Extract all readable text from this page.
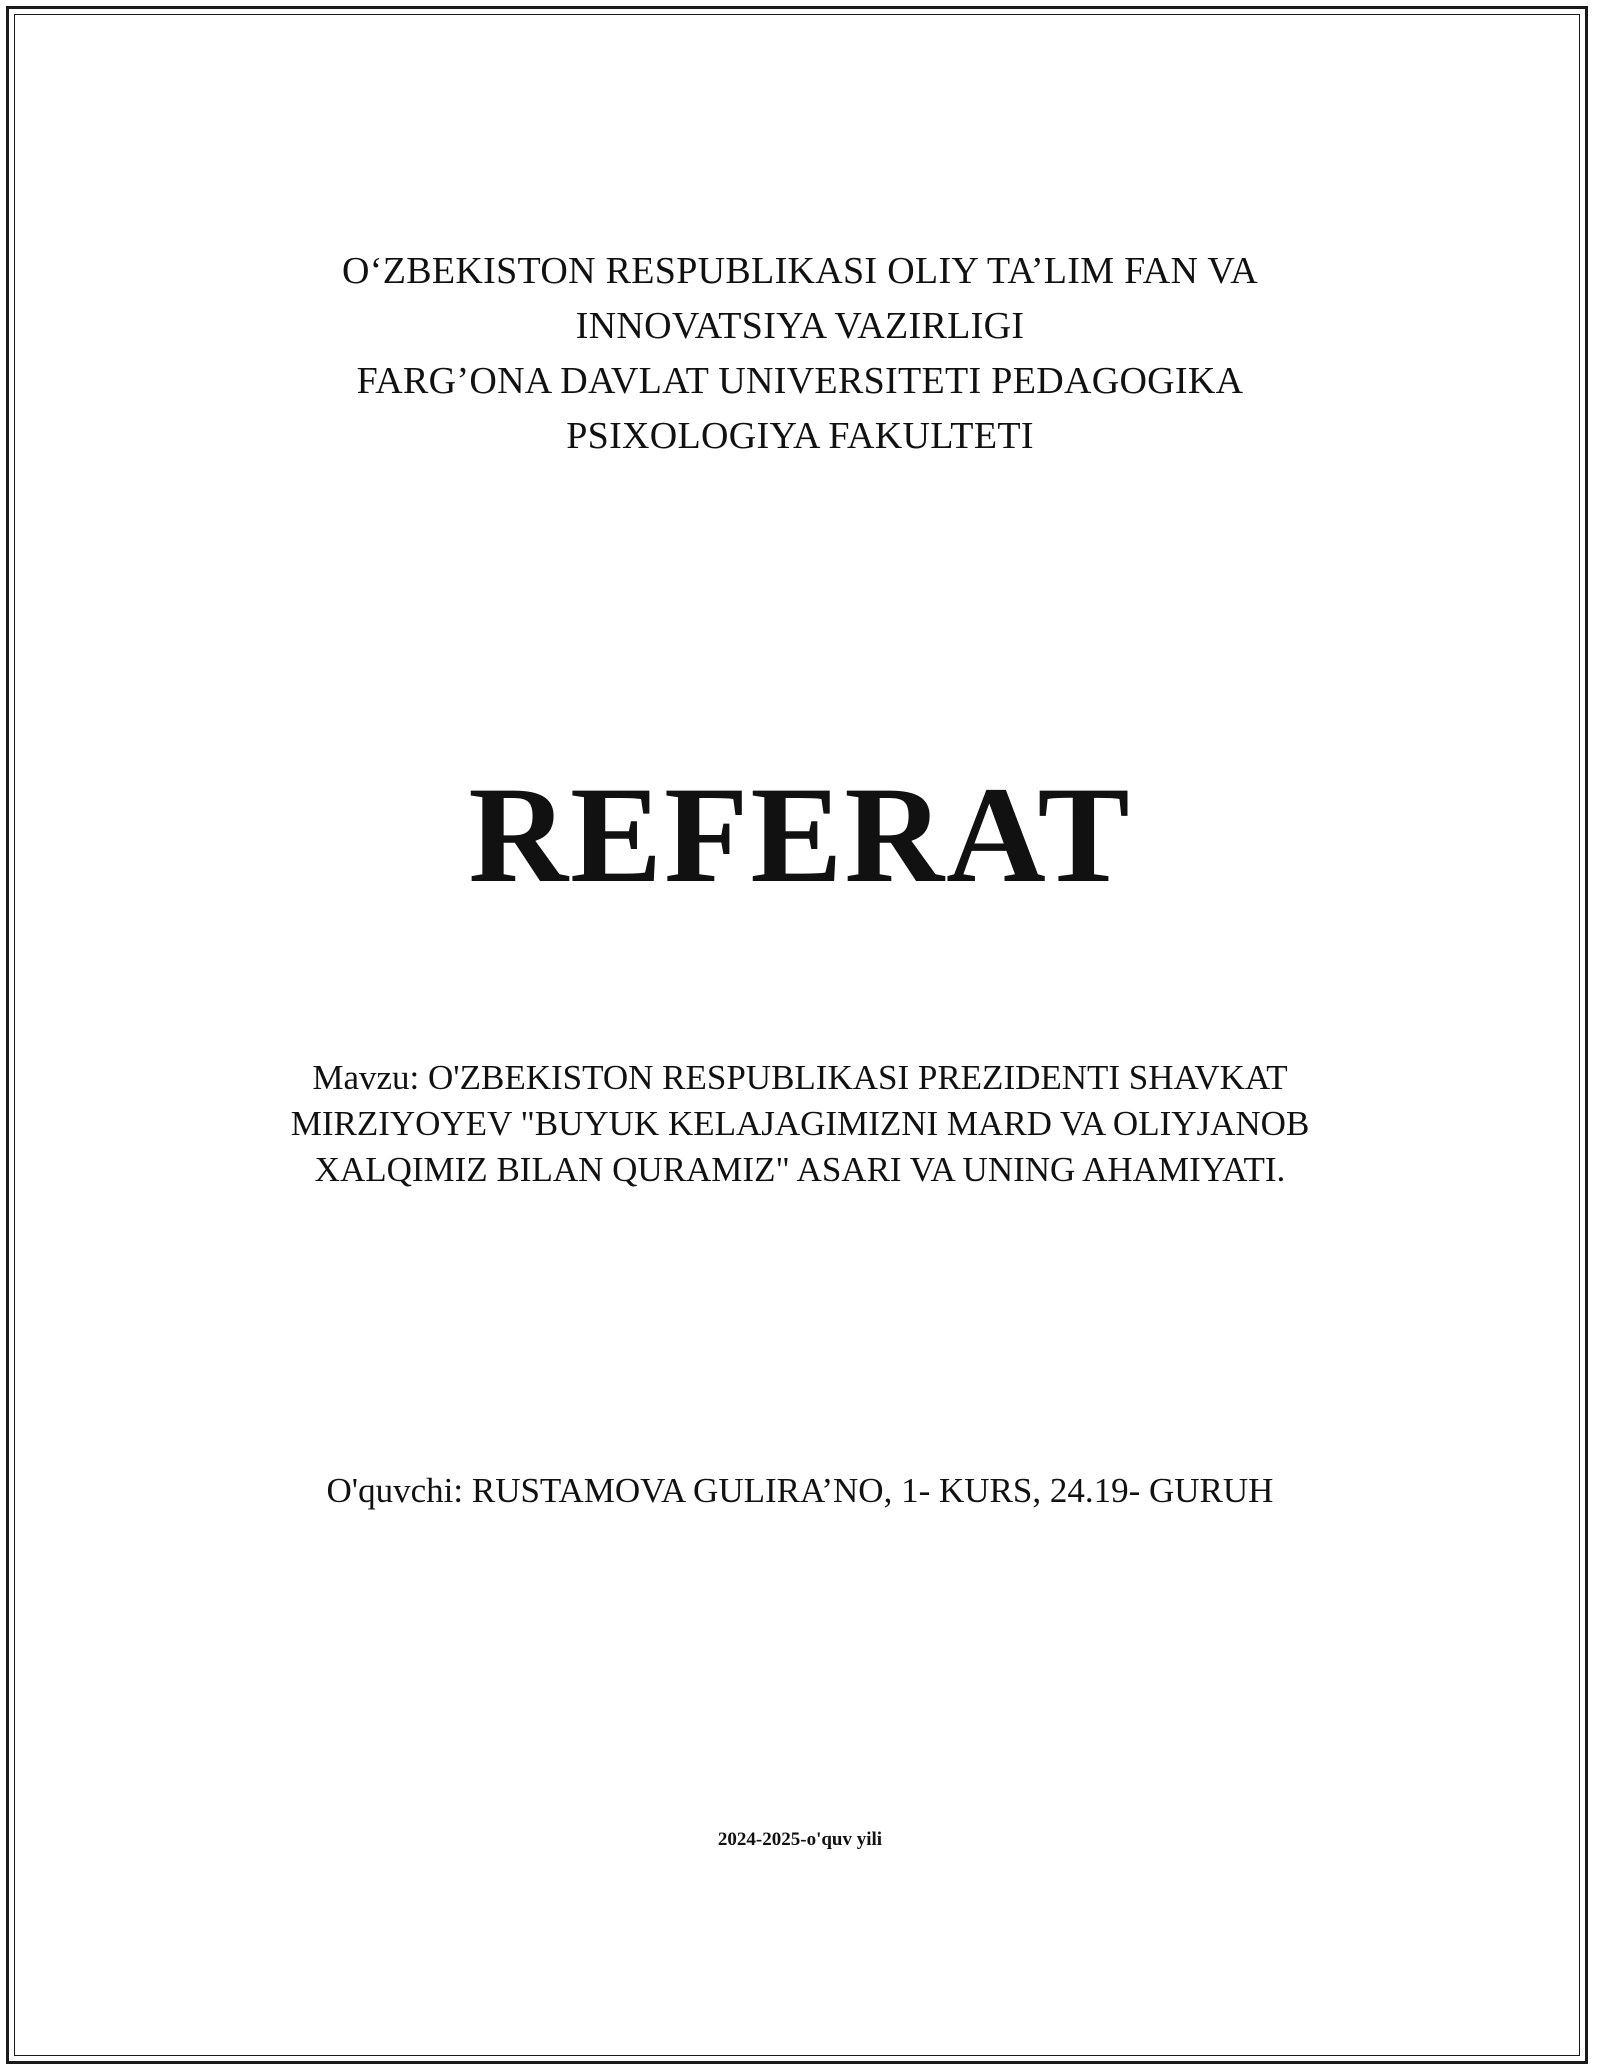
O‘ZBEKISTON RESPUBLIKASI OLIY TA’LIM FAN VA
INNOVATSIYA VAZIRLIGI
FARG’ONA DAVLAT UNIVERSITETI PEDAGOGIKA
PSIXOLOGIYA FAKULTETI
REFERAT
Mavzu: O'ZBEKISTON RESPUBLIKASI PREZIDENTI SHAVKAT
MIRZIYOYEV "BUYUK KELAJAGIMIZNI MARD VA OLIYJANOB
XALQIMIZ BILAN QURAMIZ" ASARI VA UNING AHAMIYATI.
O'quvchi: RUSTAMOVA GULIRA’NO, 1- KURS, 24.19- GURUH
2024-2025-o'quv yili
